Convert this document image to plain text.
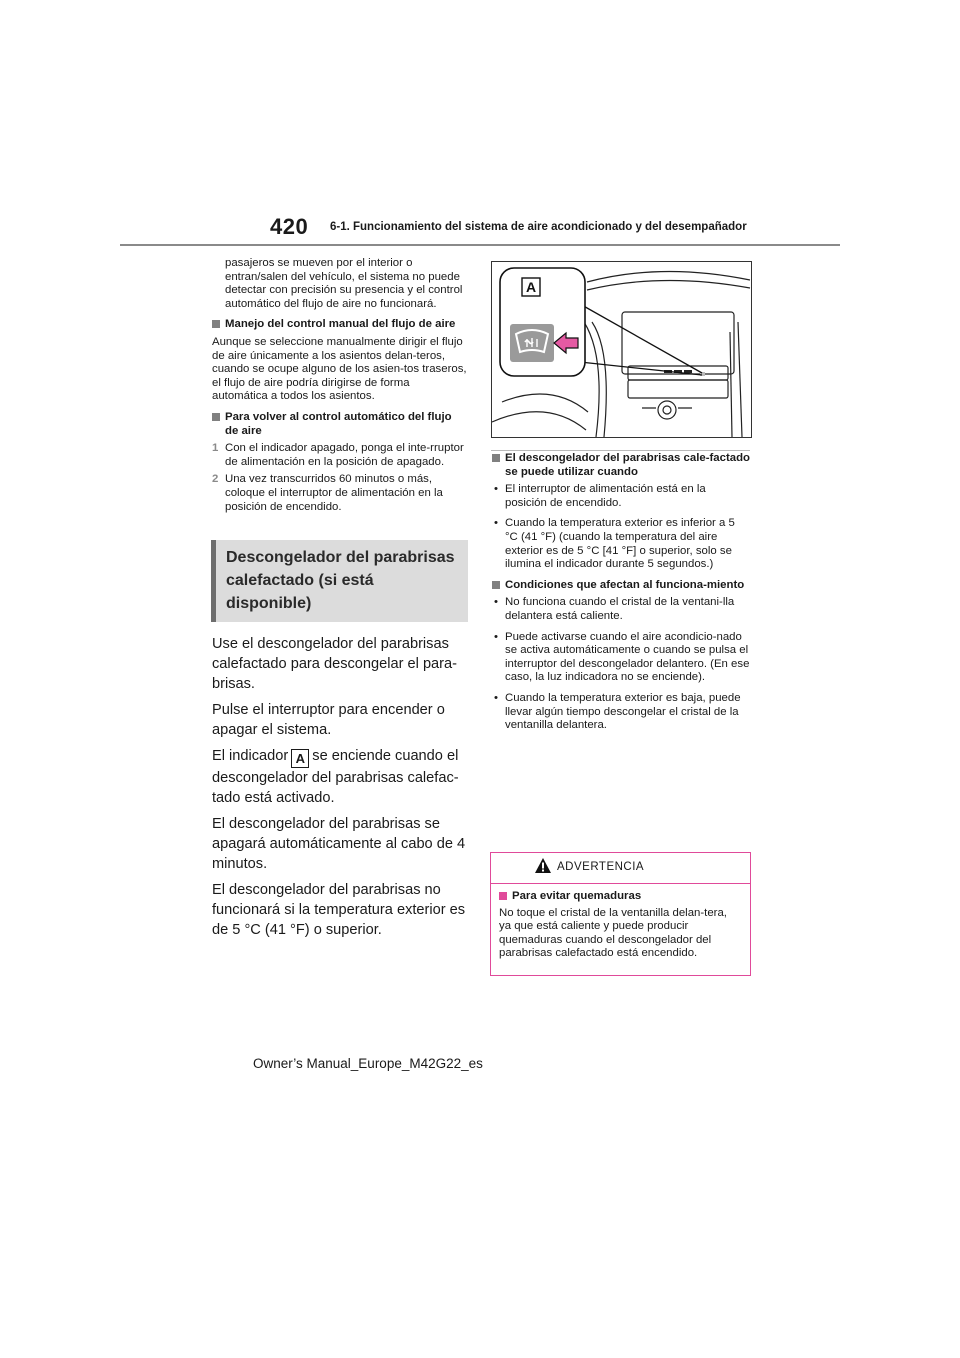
420 6-1. Funcionamiento del sistema de aire acondicionado y del desempañador

pasajeros se mueven por el interior o entran/salen del vehículo, el sistema no puede detectar con precisión su presencia y el control automático del flujo de aire no funcionará.

Manejo del control manual del flujo de aire

Aunque se seleccione manualmente dirigir el flujo de aire únicamente a los asientos delan-teros, cuando se ocupe alguno de los asien-tos traseros, el flujo de aire podría dirigirse de forma automática a todos los asientos.

Para volver al control automático del flujo de aire
1 Con el indicador apagado, ponga el inte-rruptor de alimentación en la posición de apagado.
2 Una vez transcurridos 60 minutos o más, coloque el interruptor de alimentación en la posición de encendido.
Descongelador del parabrisas calefactado (si está disponible)

Use el descongelador del parabrisas calefactado para descongelar el para-brisas.

Pulse el interruptor para encender o apagar el sistema.

El indicador A se enciende cuando el descongelador del parabrisas calefac-tado está activado.

El descongelador del parabrisas se apagará automáticamente al cabo de 4 minutos.

El descongelador del parabrisas no funcionará si la temperatura exterior es de 5 °C (41 °F) o superior.

A
El descongelador del parabrisas cale-factado se puede utilizar cuando
• El interruptor de alimentación está en la posición de encendido.
• Cuando la temperatura exterior es inferior a 5 °C (41 °F) (cuando la temperatura del aire exterior es de 5 °C [41 °F] o superior, solo se ilumina el indicador durante 5 segundos.)
Condiciones que afectan al funciona-miento
• No funciona cuando el cristal de la ventani-lla delantera está caliente.
• Puede activarse cuando el aire acondicio-nado se activa automáticamente o cuando se pulsa el interruptor del descongelador delantero. (En ese caso, la luz indicadora no se enciende).
• Cuando la temperatura exterior es baja, puede llevar algún tiempo descongelar el cristal de la ventanilla delantera.
ADVERTENCIA
Para evitar quemaduras

No toque el cristal de la ventanilla delan-tera, ya que está caliente y puede producir quemaduras cuando el descongelador del parabrisas calefactado está encendido.

Owner’s Manual_Europe_M42G22_es
